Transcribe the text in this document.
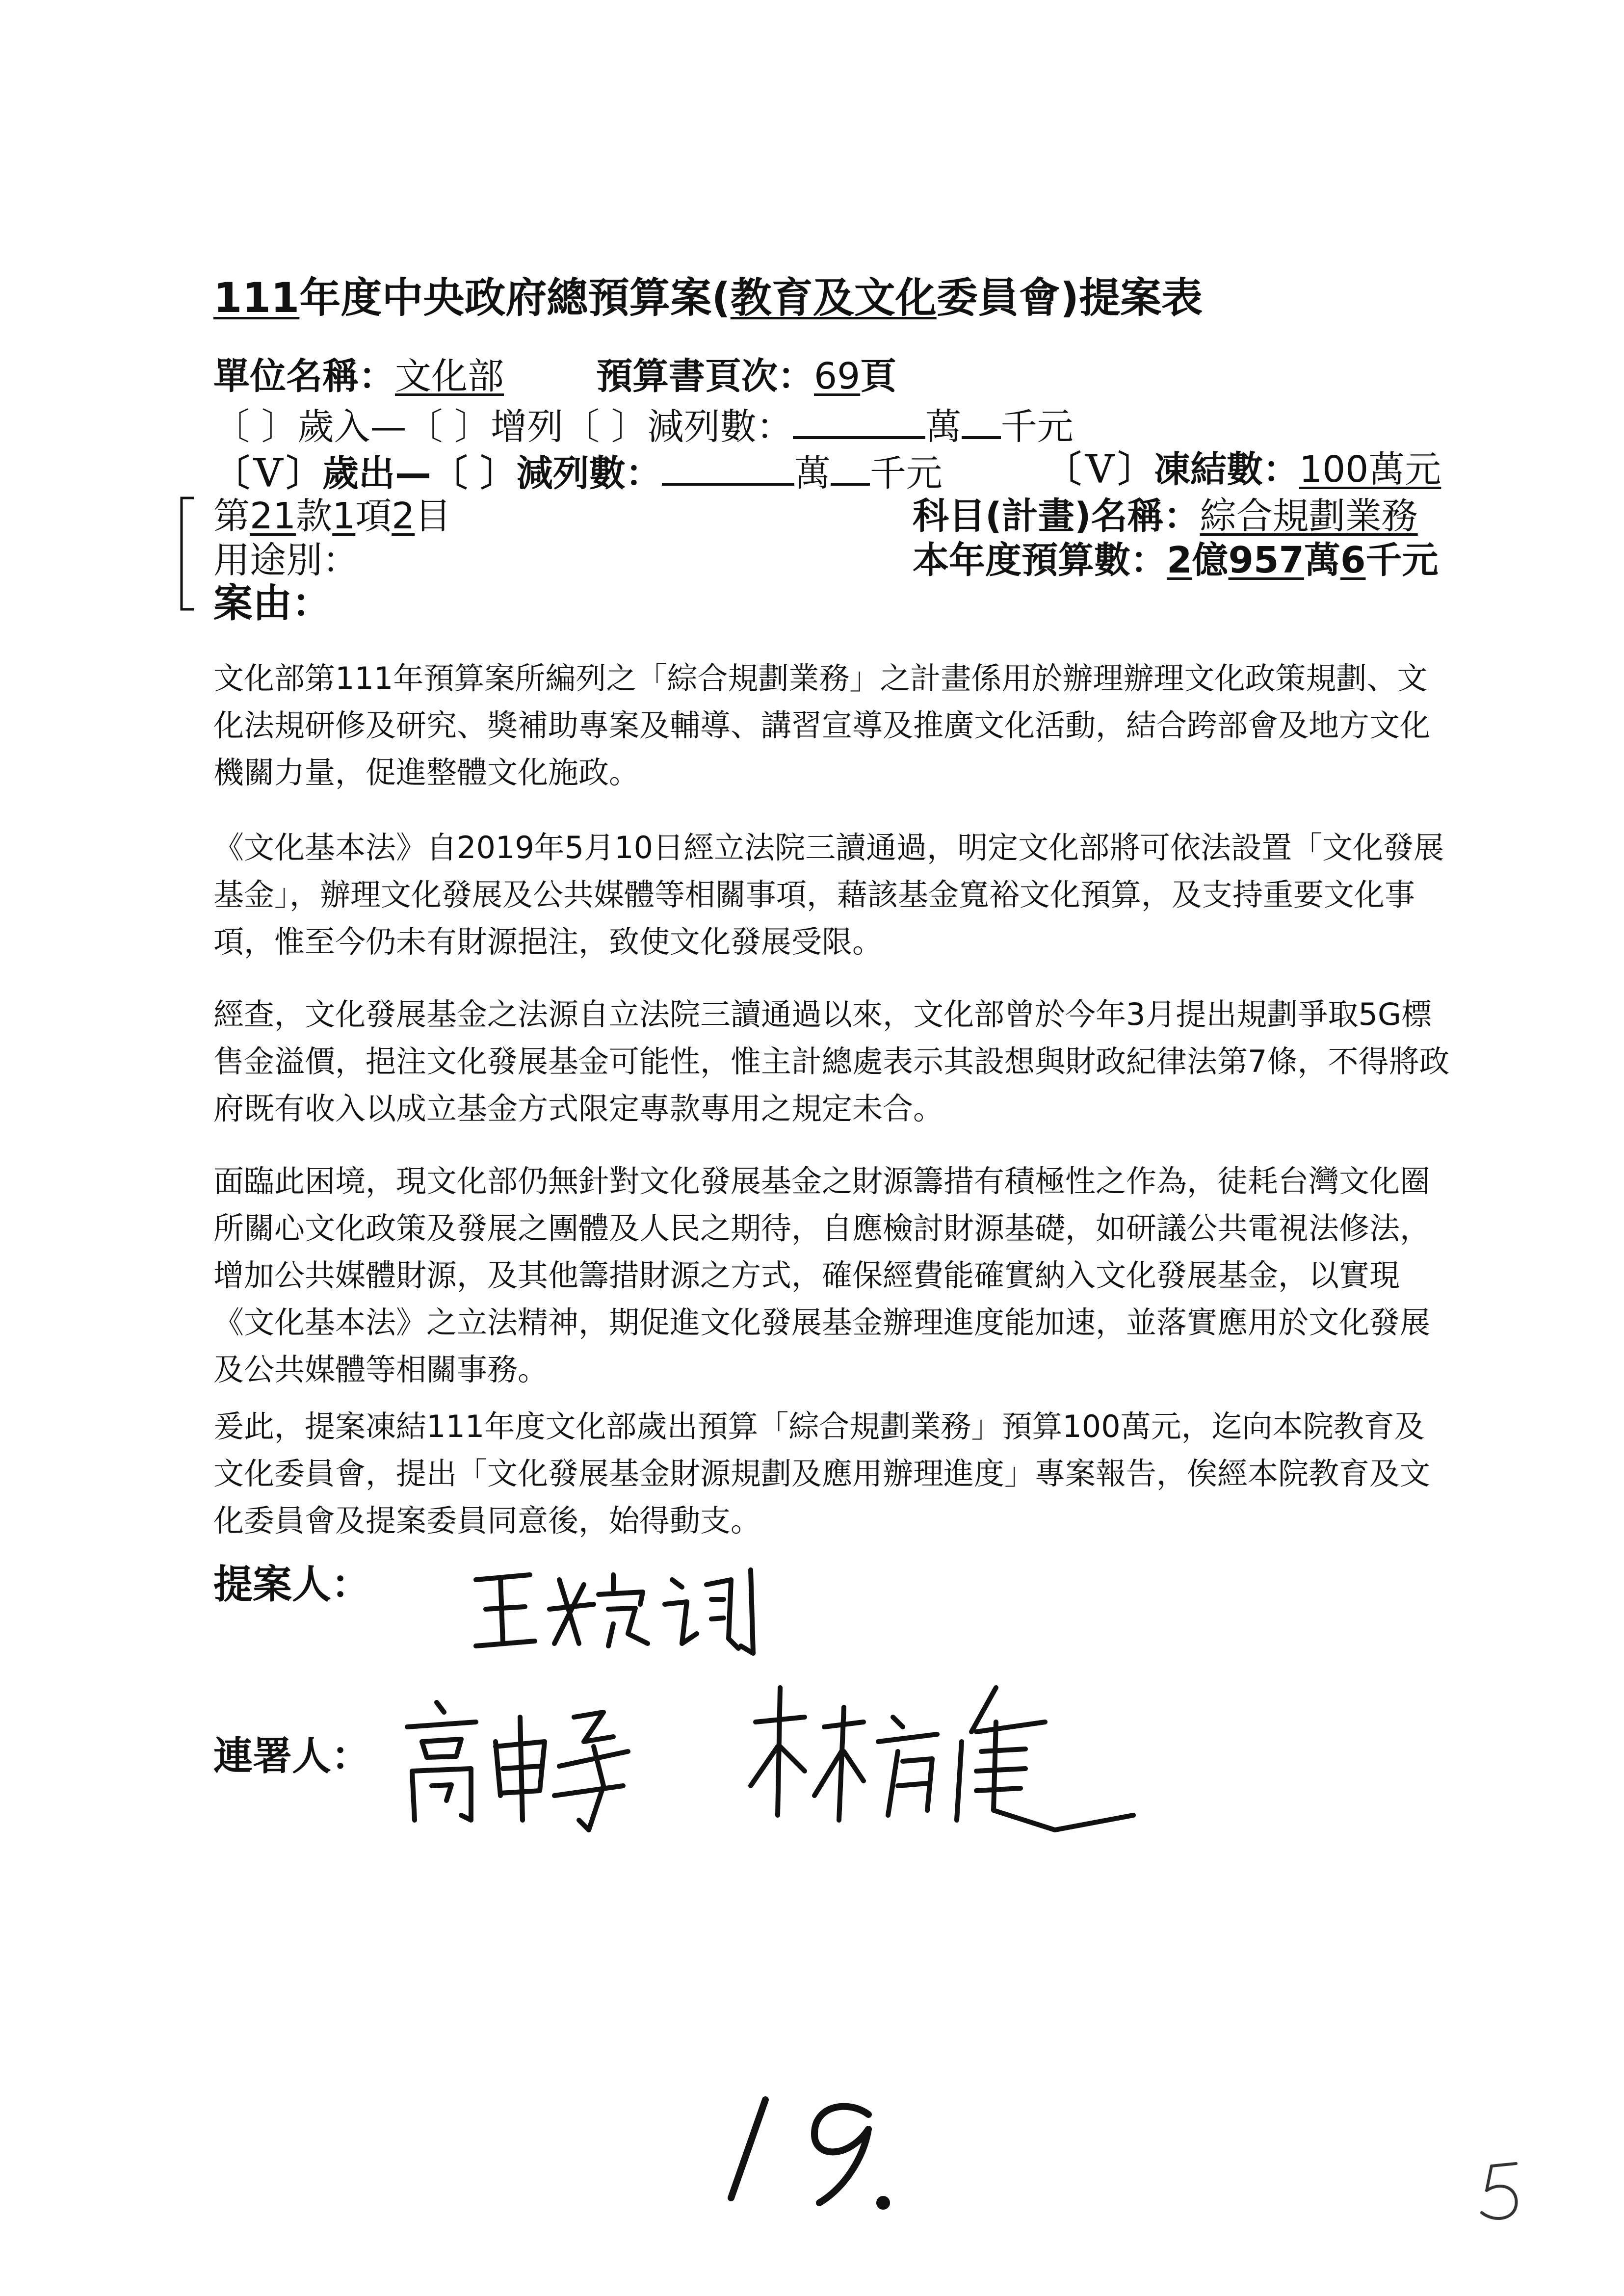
111年度中央政府總預算案(教育及文化委員會)提案表
單位名稱：文化部	預算書頁次：69頁
〔 〕歲入—〔 〕增列〔 〕減列數：	萬 千元
〔Ｖ〕歲出—〔 〕減列數：	萬 千元	〔Ｖ〕凍結數：100萬元
第21款1項2目	科目(計畫)名稱：綜合規劃業務
用途別：	本年度預算數：2億957萬6千元
案由：
文化部第111年預算案所編列之「綜合規劃業務」之計畫係用於辦理辦理文化政策規劃、文化法規研修及研究、獎補助專案及輔導、講習宣導及推廣文化活動，結合跨部會及地方文化機關力量，促進整體文化施政。
《文化基本法》自2019年5月10日經立法院三讀通過，明定文化部將可依法設置「文化發展基金」，辦理文化發展及公共媒體等相關事項，藉該基金寬裕文化預算，及支持重要文化事項，惟至今仍未有財源挹注，致使文化發展受限。
經查，文化發展基金之法源自立法院三讀通過以來，文化部曾於今年3月提出規劃爭取5G標售金溢價，挹注文化發展基金可能性，惟主計總處表示其設想與財政紀律法第7條，不得將政府既有收入以成立基金方式限定專款專用之規定未合。
面臨此困境，現文化部仍無針對文化發展基金之財源籌措有積極性之作為，徒耗台灣文化圈所關心文化政策及發展之團體及人民之期待，自應檢討財源基礎，如研議公共電視法修法，增加公共媒體財源，及其他籌措財源之方式，確保經費能確實納入文化發展基金，以實現《文化基本法》之立法精神，期促進文化發展基金辦理進度能加速，並落實應用於文化發展及公共媒體等相關事務。
爰此，提案凍結111年度文化部歲出預算「綜合規劃業務」預算100萬元，迄向本院教育及文化委員會，提出「文化發展基金財源規劃及應用辦理進度」專案報告，俟經本院教育及文化委員會及提案委員同意後，始得動支。
提案人：
連署人：
